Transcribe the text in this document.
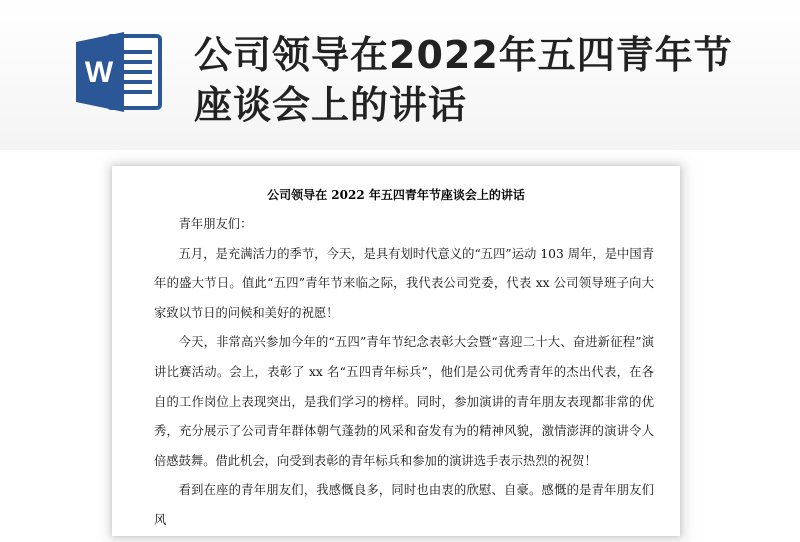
W 公司领导在2022年五四青年节座谈会上的讲话
公司领导在 2022 年五四青年节座谈会上的讲话

青年朋友们：

五月，是充满活力的季节，今天，是具有划时代意义的“五四”运动 103 周年，是中国青年的盛大节日。值此“五四”青年节来临之际，我代表公司党委，代表 xx 公司领导班子向大家致以节日的问候和美好的祝愿！

今天，非常高兴参加今年的“五四”青年节纪念表彰大会暨“喜迎二十大、奋进新征程”演讲比赛活动。会上，表彰了 xx 名“五四青年标兵”，他们是公司优秀青年的杰出代表，在各自的工作岗位上表现突出，是我们学习的榜样。同时，参加演讲的青年朋友表现都非常的优秀，充分展示了公司青年群体朝气蓬勃的风采和奋发有为的精神风貌，激情澎湃的演讲令人倍感鼓舞。借此机会，向受到表彰的青年标兵和参加的演讲选手表示热烈的祝贺！

看到在座的青年朋友们，我感慨良多，同时也由衷的欣慰、自豪。感慨的是青年朋友们风
